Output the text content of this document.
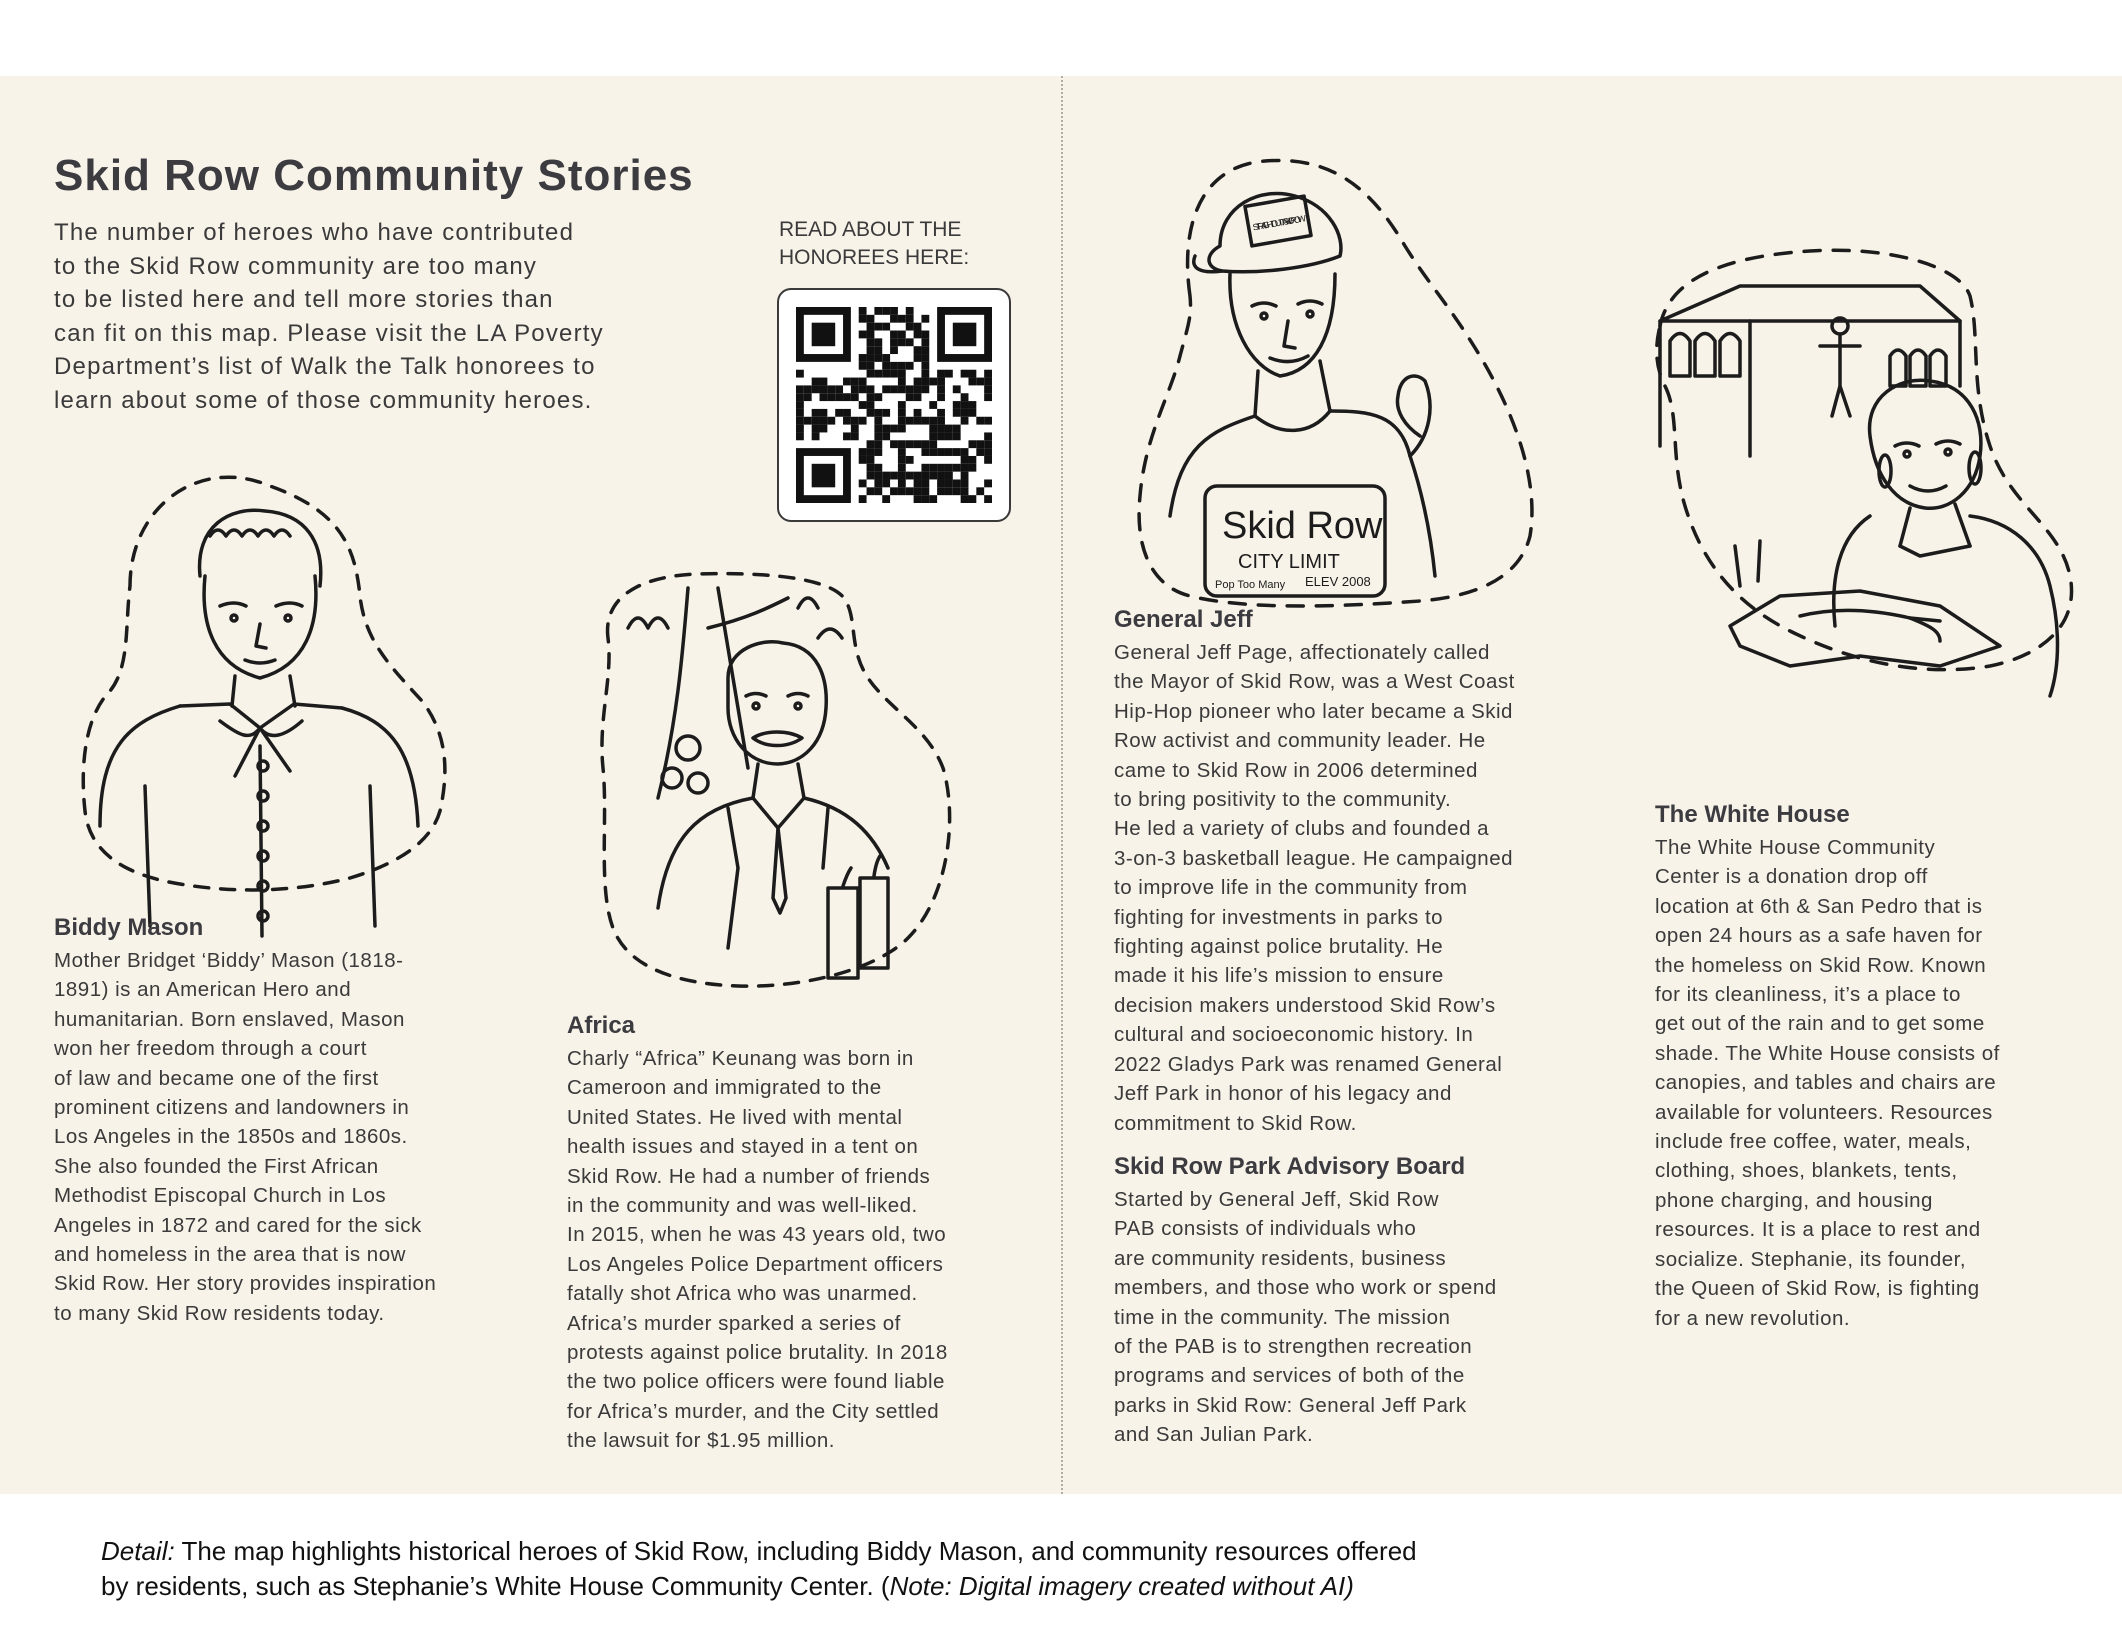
Skid Row Community Stories
The number of heroes who have contributed
to the Skid Row community are too many
to be listed here and tell more stories than
can fit on this map. Please visit the LA Poverty
Department’s list of Walk the Talk honorees to
learn about some of those community heroes.
READ ABOUT THE
HONOREES HERE:
STRAIGHT OUTTA SKID ROW
Skid Row
CITY LIMIT
Pop Too Many ELEV 2008
Biddy Mason
Mother Bridget ‘Biddy’ Mason (1818-
1891) is an American Hero and
humanitarian. Born enslaved, Mason
won her freedom through a court
of law and became one of the first
prominent citizens and landowners in
Los Angeles in the 1850s and 1860s.
She also founded the First African
Methodist Episcopal Church in Los
Angeles in 1872 and cared for the sick
and homeless in the area that is now
Skid Row. Her story provides inspiration
to many Skid Row residents today.
Africa
Charly “Africa” Keunang was born in
Cameroon and immigrated to the
United States. He lived with mental
health issues and stayed in a tent on
Skid Row. He had a number of friends
in the community and was well-liked.
In 2015, when he was 43 years old, two
Los Angeles Police Department officers
fatally shot Africa who was unarmed.
Africa’s murder sparked a series of
protests against police brutality. In 2018
the two police officers were found liable
for Africa’s murder, and the City settled
the lawsuit for $1.95 million.
General Jeff
General Jeff Page, affectionately called
the Mayor of Skid Row, was a West Coast
Hip-Hop pioneer who later became a Skid
Row activist and community leader. He
came to Skid Row in 2006 determined
to bring positivity to the community.
He led a variety of clubs and founded a
3-on-3 basketball league. He campaigned
to improve life in the community from
fighting for investments in parks to
fighting against police brutality. He
made it his life’s mission to ensure
decision makers understood Skid Row’s
cultural and socioeconomic history. In
2022 Gladys Park was renamed General
Jeff Park in honor of his legacy and
commitment to Skid Row.
Skid Row Park Advisory Board
Started by General Jeff, Skid Row
PAB consists of individuals who
are community residents, business
members, and those who work or spend
time in the community. The mission
of the PAB is to strengthen recreation
programs and services of both of the
parks in Skid Row: General Jeff Park
and San Julian Park.
The White House
The White House Community
Center is a donation drop off
location at 6th & San Pedro that is
open 24 hours as a safe haven for
the homeless on Skid Row. Known
for its cleanliness, it’s a place to
get out of the rain and to get some
shade. The White House consists of
canopies, and tables and chairs are
available for volunteers. Resources
include free coffee, water, meals,
clothing, shoes, blankets, tents,
phone charging, and housing
resources. It is a place to rest and
socialize. Stephanie, its founder,
the Queen of Skid Row, is fighting
for a new revolution.
Detail: The map highlights historical heroes of Skid Row, including Biddy Mason, and community resources offered
by residents, such as Stephanie’s White House Community Center. (Note: Digital imagery created without AI)
